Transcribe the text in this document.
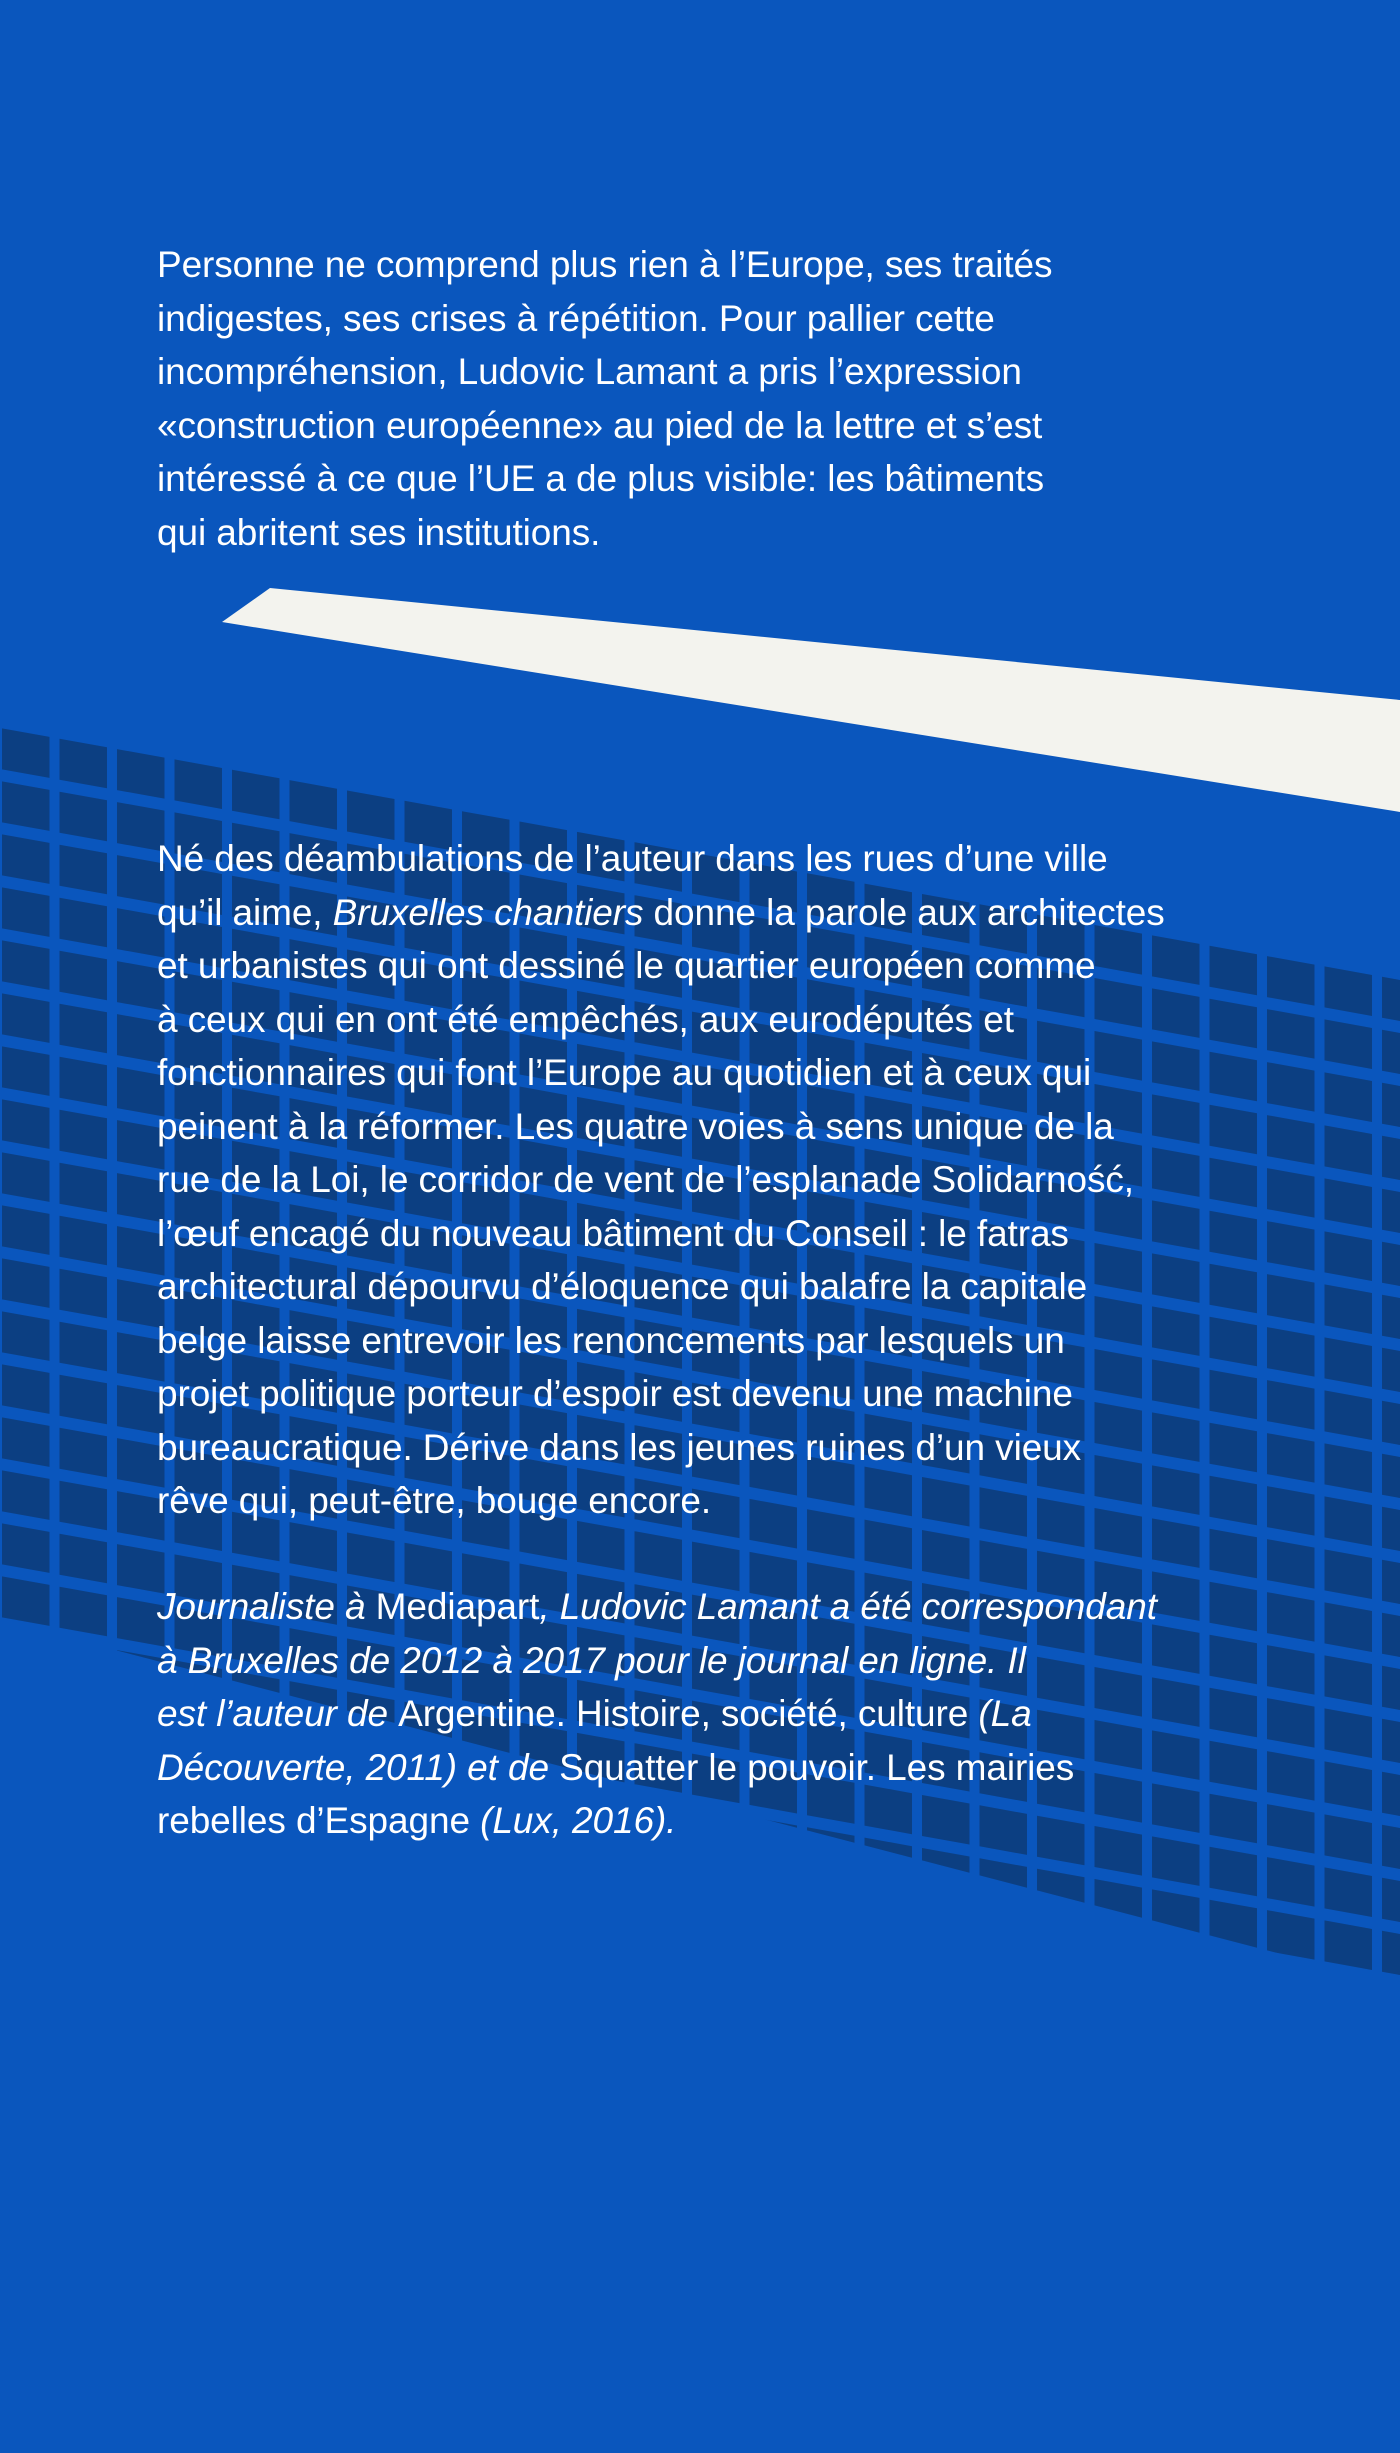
Personne ne comprend plus rien à l’Europe, ses traités

indigestes, ses crises à répétition. Pour pallier cette

incompréhension, Ludovic Lamant a pris l’expression

«construction européenne» au pied de la lettre et s’est

intéressé à ce que l’UE a de plus visible: les bâtiments

qui abritent ses institutions.

Né des déambulations de l’auteur dans les rues d’une ville

qu’il aime, Bruxelles chantiers donne la parole aux architectes

et urbanistes qui ont dessiné le quartier européen comme

à ceux qui en ont été empêchés, aux eurodéputés et

fonctionnaires qui font l’Europe au quotidien et à ceux qui

peinent à la réformer. Les quatre voies à sens unique de la

rue de la Loi, le corridor de vent de l’esplanade Solidarność,

l’œuf encagé du nouveau bâtiment du Conseil : le fatras

architectural dépourvu d’éloquence qui balafre la capitale

belge laisse entrevoir les renoncements par lesquels un

projet politique porteur d’espoir est devenu une machine

bureaucratique. Dérive dans les jeunes ruines d’un vieux

rêve qui, peut-être, bouge encore.

Journaliste à Mediapart, Ludovic Lamant a été correspondant

à Bruxelles de 2012 à 2017 pour le journal en ligne. Il

est l’auteur de Argentine. Histoire, société, culture (La

Découverte, 2011) et de Squatter le pouvoir. Les mairies

rebelles d’Espagne (Lux, 2016).
